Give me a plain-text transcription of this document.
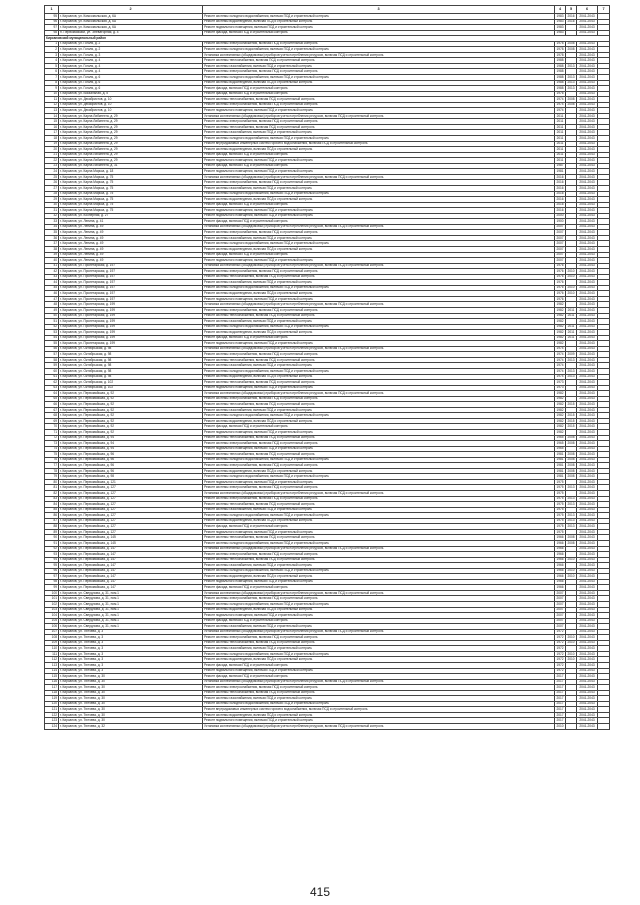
1	2	3	4	5	6	7
95	г. Кирсанов, ул. Комсомольская, д. 6А	Ремонт системы холодного водоснабжения, включая ПСД и строительный контроль	1983	2016	2041-2043	
96	г. Кирсанов, ул. Комсомольская, д. 6А	Ремонт системы водоотведения, включая ПСД и строительный контроль	1983	2016	2041-2043	
97	г. Кирсанов, ул. Комсомольская, д. 6А	Ремонт подвального помещения, включая ПСД и строительный контроль	1983		2041-2043	
98	п. Первомайский, ул. Элеваторная, д. 4	Ремонт фасада, включая ПСД и строительный контроль	1983		2041-2043	
Кирсановский муниципальный район						
1	г. Кирсанов, ул. Гоголя, д. 2	Ремонт системы электроснабжения, включая ПСД и строительный контроль	1978	2008	2041-2043	
2	г. Кирсанов, ул. Гоголя, д. 2	Ремонт системы холодного водоснабжения, включая ПСД и строительный контроль	1978	2008	2041-2043	
3	г. Кирсанов, ул. Гоголя, д. 3	Установка коллективных (общедомовых) приборов учета потребления ресурсов, включая ПСД и строительный контроль	1978		2041-2043	
4	г. Кирсанов, ул. Гоголя, д. 4	Ремонт системы теплоснабжения, включая ПСД и строительный контроль	1988		2041-2043	
5	г. Кирсанов, ул. Гоголя, д. 4	Ремонт системы газоснабжения, включая ПСД и строительный контроль	1988	2013	2041-2043	
6	г. Кирсанов, ул. Гоголя, д. 4	Ремонт системы электроснабжения, включая ПСД и строительный контроль	1988		2041-2043	
7	г. Кирсанов, ул. Гоголя, д. 6	Ремонт системы холодного водоснабжения, включая ПСД и строительный контроль	1988	2013	2041-2043	
8	г. Кирсанов, ул. Гоголя, д. 6	Ремонт системы водоотведения, включая ПСД и строительный контроль	1988	2013	2041-2043	
9	г. Кирсанов, ул. Гоголя, д. 6	Ремонт фасада, включая ПСД и строительный контроль	1988	2013	2041-2043	
10	г. Кирсанов, ул. Вокзальная, д. 5	Ремонт фасада, включая ПСД и строительный контроль	1976		2041-2043	
11	г. Кирсанов, ул. Декабристов, д. 10	Ремонт системы теплоснабжения, включая ПСД и строительный контроль	1974	2008	2041-2043	
12	г. Кирсанов, ул. Декабристов, д. 10	Ремонт системы электроснабжения, включая ПСД и строительный контроль	1974	2008	2041-2043	
13	г. Кирсанов, ул. Декабристов, д. 10	Ремонт подвального помещения, включая ПСД и строительный контроль	1974		2041-2043	
14	г. Кирсанов, ул. Карла Либкнехта, д. 29	Установка коллективных (общедомовых) приборов учета потребления ресурсов, включая ПСД и строительный контроль	2011		2041-2043	
15	г. Кирсанов, ул. Карла Либкнехта, д. 29	Ремонт системы электроснабжения, включая ПСД и строительный контроль	2011		2041-2043	
16	г. Кирсанов, ул. Карла Либкнехта, д. 29	Ремонт системы теплоснабжения, включая ПСД и строительный контроль	2011		2041-2043	
17	г. Кирсанов, ул. Карла Либкнехта, д. 29	Ремонт системы газоснабжения, включая ПСД и строительный контроль	2011		2041-2043	
18	г. Кирсанов, ул. Карла Либкнехта, д. 29	Ремонт системы холодного водоснабжения, включая ПСД и строительный контроль	2011		2041-2043	
19	г. Кирсанов, ул. Карла Либкнехта, д. 29	Ремонт внутридомовых инженерных систем горячего водоснабжения, включая ПСД и строительный контроль	2011		2041-2043	
20	г. Кирсанов, ул. Карла Либкнехта, д. 29	Ремонт системы водоотведения, включая ПСД и строительный контроль	2011		2041-2043	
21	г. Кирсанов, ул. Карла Либкнехта, д. 29	Ремонт фасада, включая ПСД и строительный контроль	2011		2041-2043	
22	г. Кирсанов, ул. Карла Либкнехта, д. 29	Ремонт подвального помещения, включая ПСД и строительный контроль	2011		2041-2043	
23	г. Кирсанов, ул. Карла Либкнехта, д. 31	Ремонт фасада, включая ПСД и строительный контроль	1987		2041-2043	
24	г. Кирсанов, ул. Карла Маркса, д. 18	Ремонт подвального помещения, включая ПСД и строительный контроль	1981		2041-2043	
25	г. Кирсанов, ул. Карла Маркса, д. 75	Установка коллективных (общедомовых) приборов учета потребления ресурсов, включая ПСД и строительный контроль	2016		2041-2043	
26	г. Кирсанов, ул. Карла Маркса, д. 75	Ремонт системы электроснабжения, включая ПСД и строительный контроль	2016		2041-2043	
27	г. Кирсанов, ул. Карла Маркса, д. 75	Ремонт системы газоснабжения, включая ПСД и строительный контроль	2016		2041-2043	
28	г. Кирсанов, ул. Карла Маркса, д. 75	Ремонт системы холодного водоснабжения, включая ПСД и строительный контроль	2016		2041-2043	
29	г. Кирсанов, ул. Карла Маркса, д. 75	Ремонт системы водоотведения, включая ПСД и строительный контроль	2016		2041-2043	
30	г. Кирсанов, ул. Карла Маркса, д. 75	Ремонт фасада, включая ПСД и строительный контроль	2016		2041-2043	
31	г. Кирсанов, ул. Карла Маркса, д. 75	Ремонт подвального помещения, включая ПСД и строительный контроль	2016		2041-2043	
32	г. Кирсанов, ул. Кооперная, д. 27	Ремонт подвального помещения, включая ПСД и строительный контроль	2000		2041-2043	
33	г. Кирсанов, ул. Ленина, д. 41	Ремонт фасада, включая ПСД и строительный контроль	1900		2041-2043	
34	г. Кирсанов, ул. Ленина, д. 49	Установка коллективных (общедомовых) приборов учета потребления ресурсов, включая ПСД и строительный контроль	2007		2041-2043	
35	г. Кирсанов, ул. Ленина, д. 49	Ремонт системы электроснабжения, включая ПСД и строительный контроль	2007		2041-2043	
36	г. Кирсанов, ул. Ленина, д. 49	Ремонт системы газоснабжения, включая ПСД и строительный контроль	2007		2041-2043	
37	г. Кирсанов, ул. Ленина, д. 49	Ремонт системы холодного водоснабжения, включая ПСД и строительный контроль	2007		2041-2043	
38	г. Кирсанов, ул. Ленина, д. 49	Ремонт системы водоотведения, включая ПСД и строительный контроль	2007		2041-2043	
39	г. Кирсанов, ул. Ленина, д. 49	Ремонт фасада, включая ПСД и строительный контроль	2007		2041-2043	
40	г. Кирсанов, ул. Ленина, д. 49	Ремонт подвального помещения, включая ПСД и строительный контроль	2007		2041-2043	
41	г. Кирсанов, ул. Пролетарская, д. 197	Установка коллективных (общедомовых) приборов учета потребления ресурсов, включая ПСД и строительный контроль	1976		2041-2043	
42	г. Кирсанов, ул. Пролетарская, д. 197	Ремонт системы электроснабжения, включая ПСД и строительный контроль	1976	2010	2041-2043	
43	г. Кирсанов, ул. Пролетарская, д. 197	Ремонт системы теплоснабжения, включая ПСД и строительный контроль	1976	2010	2041-2043	
44	г. Кирсанов, ул. Пролетарская, д. 197	Ремонт системы газоснабжения, включая ПСД и строительный контроль	1976		2041-2043	
45	г. Кирсанов, ул. Пролетарская, д. 197	Ремонт системы холодного водоснабжения, включая ПСД и строительный контроль	1976	2010	2041-2043	
46	г. Кирсанов, ул. Пролетарская, д. 197	Ремонт системы водоотведения, включая ПСД и строительный контроль	1976	2010	2041-2043	
47	г. Кирсанов, ул. Пролетарская, д. 197	Ремонт подвального помещения, включая ПСД и строительный контроль	1976		2041-2043	
48	г. Кирсанов, ул. Пролетарская, д. 199	Установка коллективных (общедомовых) приборов учета потребления ресурсов, включая ПСД и строительный контроль	1982		2041-2043	
49	г. Кирсанов, ул. Пролетарская, д. 199	Ремонт системы электроснабжения, включая ПСД и строительный контроль	1982	2011	2041-2043	
50	г. Кирсанов, ул. Пролетарская, д. 199	Ремонт системы теплоснабжения, включая ПСД и строительный контроль	1982	2011	2041-2043	
51	г. Кирсанов, ул. Пролетарская, д. 199	Ремонт системы газоснабжения, включая ПСД и строительный контроль	1982		2041-2043	
52	г. Кирсанов, ул. Пролетарская, д. 199	Ремонт системы холодного водоснабжения, включая ПСД и строительный контроль	1982	2011	2041-2043	
53	г. Кирсанов, ул. Пролетарская, д. 199	Ремонт системы водоотведения, включая ПСД и строительный контроль	1982	2011	2041-2043	
54	г. Кирсанов, ул. Пролетарская, д. 199	Ремонт фасада, включая ПСД и строительный контроль	1982	2011	2041-2043	
55	г. Кирсанов, ул. Пролетарская, д. 199	Ремонт подвального помещения, включая ПСД и строительный контроль	1982		2041-2043	
56	г. Кирсанов, ул. Октябрьская, д. 98	Установка коллективных (общедомовых) приборов учета потребления ресурсов, включая ПСД и строительный контроль	1974		2041-2043	
57	г. Кирсанов, ул. Октябрьская, д. 98	Ремонт системы электроснабжения, включая ПСД и строительный контроль	1974	2009	2041-2043	
58	г. Кирсанов, ул. Октябрьская, д. 98	Ремонт системы теплоснабжения, включая ПСД и строительный контроль	1974	2013	2041-2043	
59	г. Кирсанов, ул. Октябрьская, д. 98	Ремонт системы газоснабжения, включая ПСД и строительный контроль	1974		2041-2043	
60	г. Кирсанов, ул. Октябрьская, д. 98	Ремонт системы холодного водоснабжения, включая ПСД и строительный контроль	1974	2013	2041-2043	
61	г. Кирсанов, ул. Октябрьская, д. 98	Ремонт системы водоотведения, включая ПСД и строительный контроль	1974	2013	2041-2043	
62	г. Кирсанов, ул. Октябрьская, д. 102	Ремонт системы теплоснабжения, включая ПСД и строительный контроль	1973		2041-2043	
63	г. Кирсанов, ул. Октябрьская, д. 102	Ремонт подвального помещения, включая ПСД и строительный контроль	1973		2041-2043	
64	г. Кирсанов, ул. Первомайская, д. 92	Установка коллективных (общедомовых) приборов учета потребления ресурсов, включая ПСД и строительный контроль	1982		2041-2043	
65	г. Кирсанов, ул. Первомайская, д. 92	Ремонт системы электроснабжения, включая ПСД и строительный контроль	1982		2041-2043	
66	г. Кирсанов, ул. Первомайская, д. 92	Ремонт системы теплоснабжения, включая ПСД и строительный контроль	1982	2015	2041-2043	
67	г. Кирсанов, ул. Первомайская, д. 92	Ремонт системы газоснабжения, включая ПСД и строительный контроль	1982		2041-2043	
68	г. Кирсанов, ул. Первомайская, д. 92	Ремонт системы холодного водоснабжения, включая ПСД и строительный контроль	1982	2015	2041-2043	
69	г. Кирсанов, ул. Первомайская, д. 92	Ремонт системы водоотведения, включая ПСД и строительный контроль	1982	2015	2041-2043	
70	г. Кирсанов, ул. Первомайская, д. 92	Ремонт фасада, включая ПСД и строительный контроль	1982	2015	2041-2043	
71	г. Кирсанов, ул. Первомайская, д. 92	Ремонт подвального помещения, включая ПСД и строительный контроль	1982		2041-2043	
72	г. Кирсанов, ул. Первомайская, д. 94	Ремонт системы теплоснабжения, включая ПСД и строительный контроль	1965	2008	2041-2043	
73	г. Кирсанов, ул. Первомайская, д. 94	Ремонт системы электроснабжения, включая ПСД и строительный контроль	1965	2008	2041-2043	
74	г. Кирсанов, ул. Первомайская, д. 94	Ремонт подвального помещения, включая ПСД и строительный контроль	1965		2041-2043	
75	г. Кирсанов, ул. Первомайская, д. 96	Ремонт системы теплоснабжения, включая ПСД и строительный контроль	1981	2008	2041-2043	
76	г. Кирсанов, ул. Первомайская, д. 96	Ремонт системы холодного водоснабжения, включая ПСД и строительный контроль	1981	2008	2041-2043	
77	г. Кирсанов, ул. Первомайская, д. 96	Ремонт системы электроснабжения, включая ПСД и строительный контроль	1981	2008	2041-2043	
78	г. Кирсанов, ул. Первомайская, д. 96	Ремонт системы водоотведения, включая ПСД и строительный контроль	1981	2008	2041-2043	
79	г. Кирсанов, ул. Первомайская, д. 98	Ремонт системы холодного водоснабжения, включая ПСД и строительный контроль	1981	2008	2041-2043	
80	г. Кирсанов, ул. Первомайская, д. 121	Ремонт подвального помещения, включая ПСД и строительный контроль	1975		2041-2043	
81	г. Кирсанов, ул. Первомайская, д. 127	Ремонт системы электроснабжения, включая ПСД и строительный контроль	1975	2013	2041-2043	
82	г. Кирсанов, ул. Первомайская, д. 127	Установка коллективных (общедомовых) приборов учета потребления ресурсов, включая ПСД и строительный контроль	1975		2041-2043	
83	г. Кирсанов, ул. Первомайская, д. 127	Ремонт системы электроснабжения, включая ПСД и строительный контроль	1975	2013	2041-2043	
84	г. Кирсанов, ул. Первомайская, д. 127	Ремонт системы теплоснабжения, включая ПСД и строительный контроль	1975	2013	2041-2043	
85	г. Кирсанов, ул. Первомайская, д. 127	Ремонт системы газоснабжения, включая ПСД и строительный контроль	1975		2041-2043	
86	г. Кирсанов, ул. Первомайская, д. 127	Ремонт системы холодного водоснабжения, включая ПСД и строительный контроль	1975	2013	2041-2043	
87	г. Кирсанов, ул. Первомайская, д. 127	Ремонт системы водоотведения, включая ПСД и строительный контроль	1975	2013	2041-2043	
88	г. Кирсанов, ул. Первомайская, д. 127	Ремонт фасада, включая ПСД и строительный контроль	1975	2013	2041-2043	
89	г. Кирсанов, ул. Первомайская, д. 127	Ремонт подвального помещения, включая ПСД и строительный контроль	1975		2041-2043	
90	г. Кирсанов, ул. Первомайская, д. 145	Ремонт системы теплоснабжения, включая ПСД и строительный контроль	1966	2008	2041-2043	
91	г. Кирсанов, ул. Первомайская, д. 145	Ремонт системы холодного водоснабжения, включая ПСД и строительный контроль	1966	2008	2041-2043	
92	г. Кирсанов, ул. Первомайская, д. 147	Установка коллективных (общедомовых) приборов учета потребления ресурсов, включая ПСД и строительный контроль	1966		2041-2043	
93	г. Кирсанов, ул. Первомайская, д. 147	Ремонт системы электроснабжения, включая ПСД и строительный контроль	1966		2041-2043	
94	г. Кирсанов, ул. Первомайская, д. 147	Ремонт системы теплоснабжения, включая ПСД и строительный контроль	1966	2010	2041-2043	
95	г. Кирсанов, ул. Первомайская, д. 147	Ремонт системы газоснабжения, включая ПСД и строительный контроль	1966		2041-2043	
96	г. Кирсанов, ул. Первомайская, д. 147	Ремонт системы холодного водоснабжения, включая ПСД и строительный контроль	1966	2010	2041-2043	
97	г. Кирсанов, ул. Первомайская, д. 147	Ремонт системы водоотведения, включая ПСД и строительный контроль	1966	2010	2041-2043	
98	г. Кирсанов, ул. Первомайская, д. 147	Ремонт подвального помещения, включая ПСД и строительный контроль	1966		2041-2043	
99	г. Кирсанов, ул. Первомайская, д. 147	Ремонт фасада, включая ПСД и строительный контроль	1966		2041-2043	
100	г. Кирсанов, ул. Свердлова, д. 31, пом.1	Установка коллективных (общедомовых) приборов учета потребления ресурсов, включая ПСД и строительный контроль	2007		2041-2043	
101	г. Кирсанов, ул. Свердлова, д. 31, пом.1	Ремонт системы электроснабжения, включая ПСД и строительный контроль	2007		2041-2043	
102	г. Кирсанов, ул. Свердлова, д. 31, пом.1	Ремонт системы холодного водоснабжения, включая ПСД и строительный контроль	2007		2041-2043	
103	г. Кирсанов, ул. Свердлова, д. 31, пом.1	Ремонт системы водоотведения, включая ПСД и строительный контроль	2007		2041-2043	
104	г. Кирсанов, ул. Свердлова, д. 31, пом.1	Ремонт подвального помещения, включая ПСД и строительный контроль	2007		2041-2043	
105	г. Кирсанов, ул. Свердлова, д. 31, пом.1	Ремонт фасада, включая ПСД и строительный контроль	2007		2041-2043	
106	г. Кирсанов, ул. Свердлова, д. 31, пом.1	Ремонт системы газоснабжения, включая ПСД и строительный контроль	2007		2041-2043	
107	г. Кирсанов, ул. Тютчева, д. 3	Установка коллективных (общедомовых) приборов учета потребления ресурсов, включая ПСД и строительный контроль	1972		2041-2043	
108	г. Кирсанов, ул. Тютчева, д. 3	Ремонт системы электроснабжения, включая ПСД и строительный контроль	1972	2010	2041-2043	
109	г. Кирсанов, ул. Тютчева, д. 3	Ремонт системы теплоснабжения, включая ПСД и строительный контроль	1972	2010	2041-2043	
110	г. Кирсанов, ул. Тютчева, д. 3	Ремонт системы газоснабжения, включая ПСД и строительный контроль	1972		2041-2043	
111	г. Кирсанов, ул. Тютчева, д. 3	Ремонт системы холодного водоснабжения, включая ПСД и строительный контроль	1972	2010	2041-2043	
112	г. Кирсанов, ул. Тютчева, д. 3	Ремонт системы водоотведения, включая ПСД и строительный контроль	1972	2010	2041-2043	
113	г. Кирсанов, ул. Тютчева, д. 3	Ремонт фасада, включая ПСД и строительный контроль	1972		2041-2043	
114	г. Кирсанов, ул. Тютчева, д. 3	Ремонт подвального помещения, включая ПСД и строительный контроль	1972		2041-2043	
115	г. Кирсанов, ул. Тютчева, д. 30	Ремонт фасада, включая ПСД и строительный контроль	2017		2041-2043	
116	г. Кирсанов, ул. Тютчева, д. 30	Установка коллективных (общедомовых) приборов учета потребления ресурсов, включая ПСД и строительный контроль	2017		2041-2043	
117	г. Кирсанов, ул. Тютчева, д. 30	Ремонт системы электроснабжения, включая ПСД и строительный контроль	2017		2041-2043	
118	г. Кирсанов, ул. Тютчева, д. 30	Ремонт системы теплоснабжения, включая ПСД и строительный контроль	2017		2041-2043	
119	г. Кирсанов, ул. Тютчева, д. 30	Ремонт системы газоснабжения, включая ПСД и строительный контроль	2017		2041-2043	
120	г. Кирсанов, ул. Тютчева, д. 30	Ремонт системы холодного водоснабжения, включая ПСД и строительный контроль	2017		2041-2043	
121	г. Кирсанов, ул. Тютчева, д. 30	Ремонт внутридомовых инженерных систем горячего водоснабжения, включая ПСД и строительный контроль	2017		2041-2043	
122	г. Кирсанов, ул. Тютчева, д. 30	Ремонт системы водоотведения, включая ПСД и строительный контроль	2017		2041-2043	
123	г. Кирсанов, ул. Тютчева, д. 30	Ремонт подвального помещения, включая ПСД и строительный контроль	2017		2041-2043	
124	г. Кирсанов, ул. Тютчева, д. 32	Установка коллективных (общедомовых) приборов учета потребления ресурсов, включая ПСД и строительный контроль	2010		2041-2043	
415
